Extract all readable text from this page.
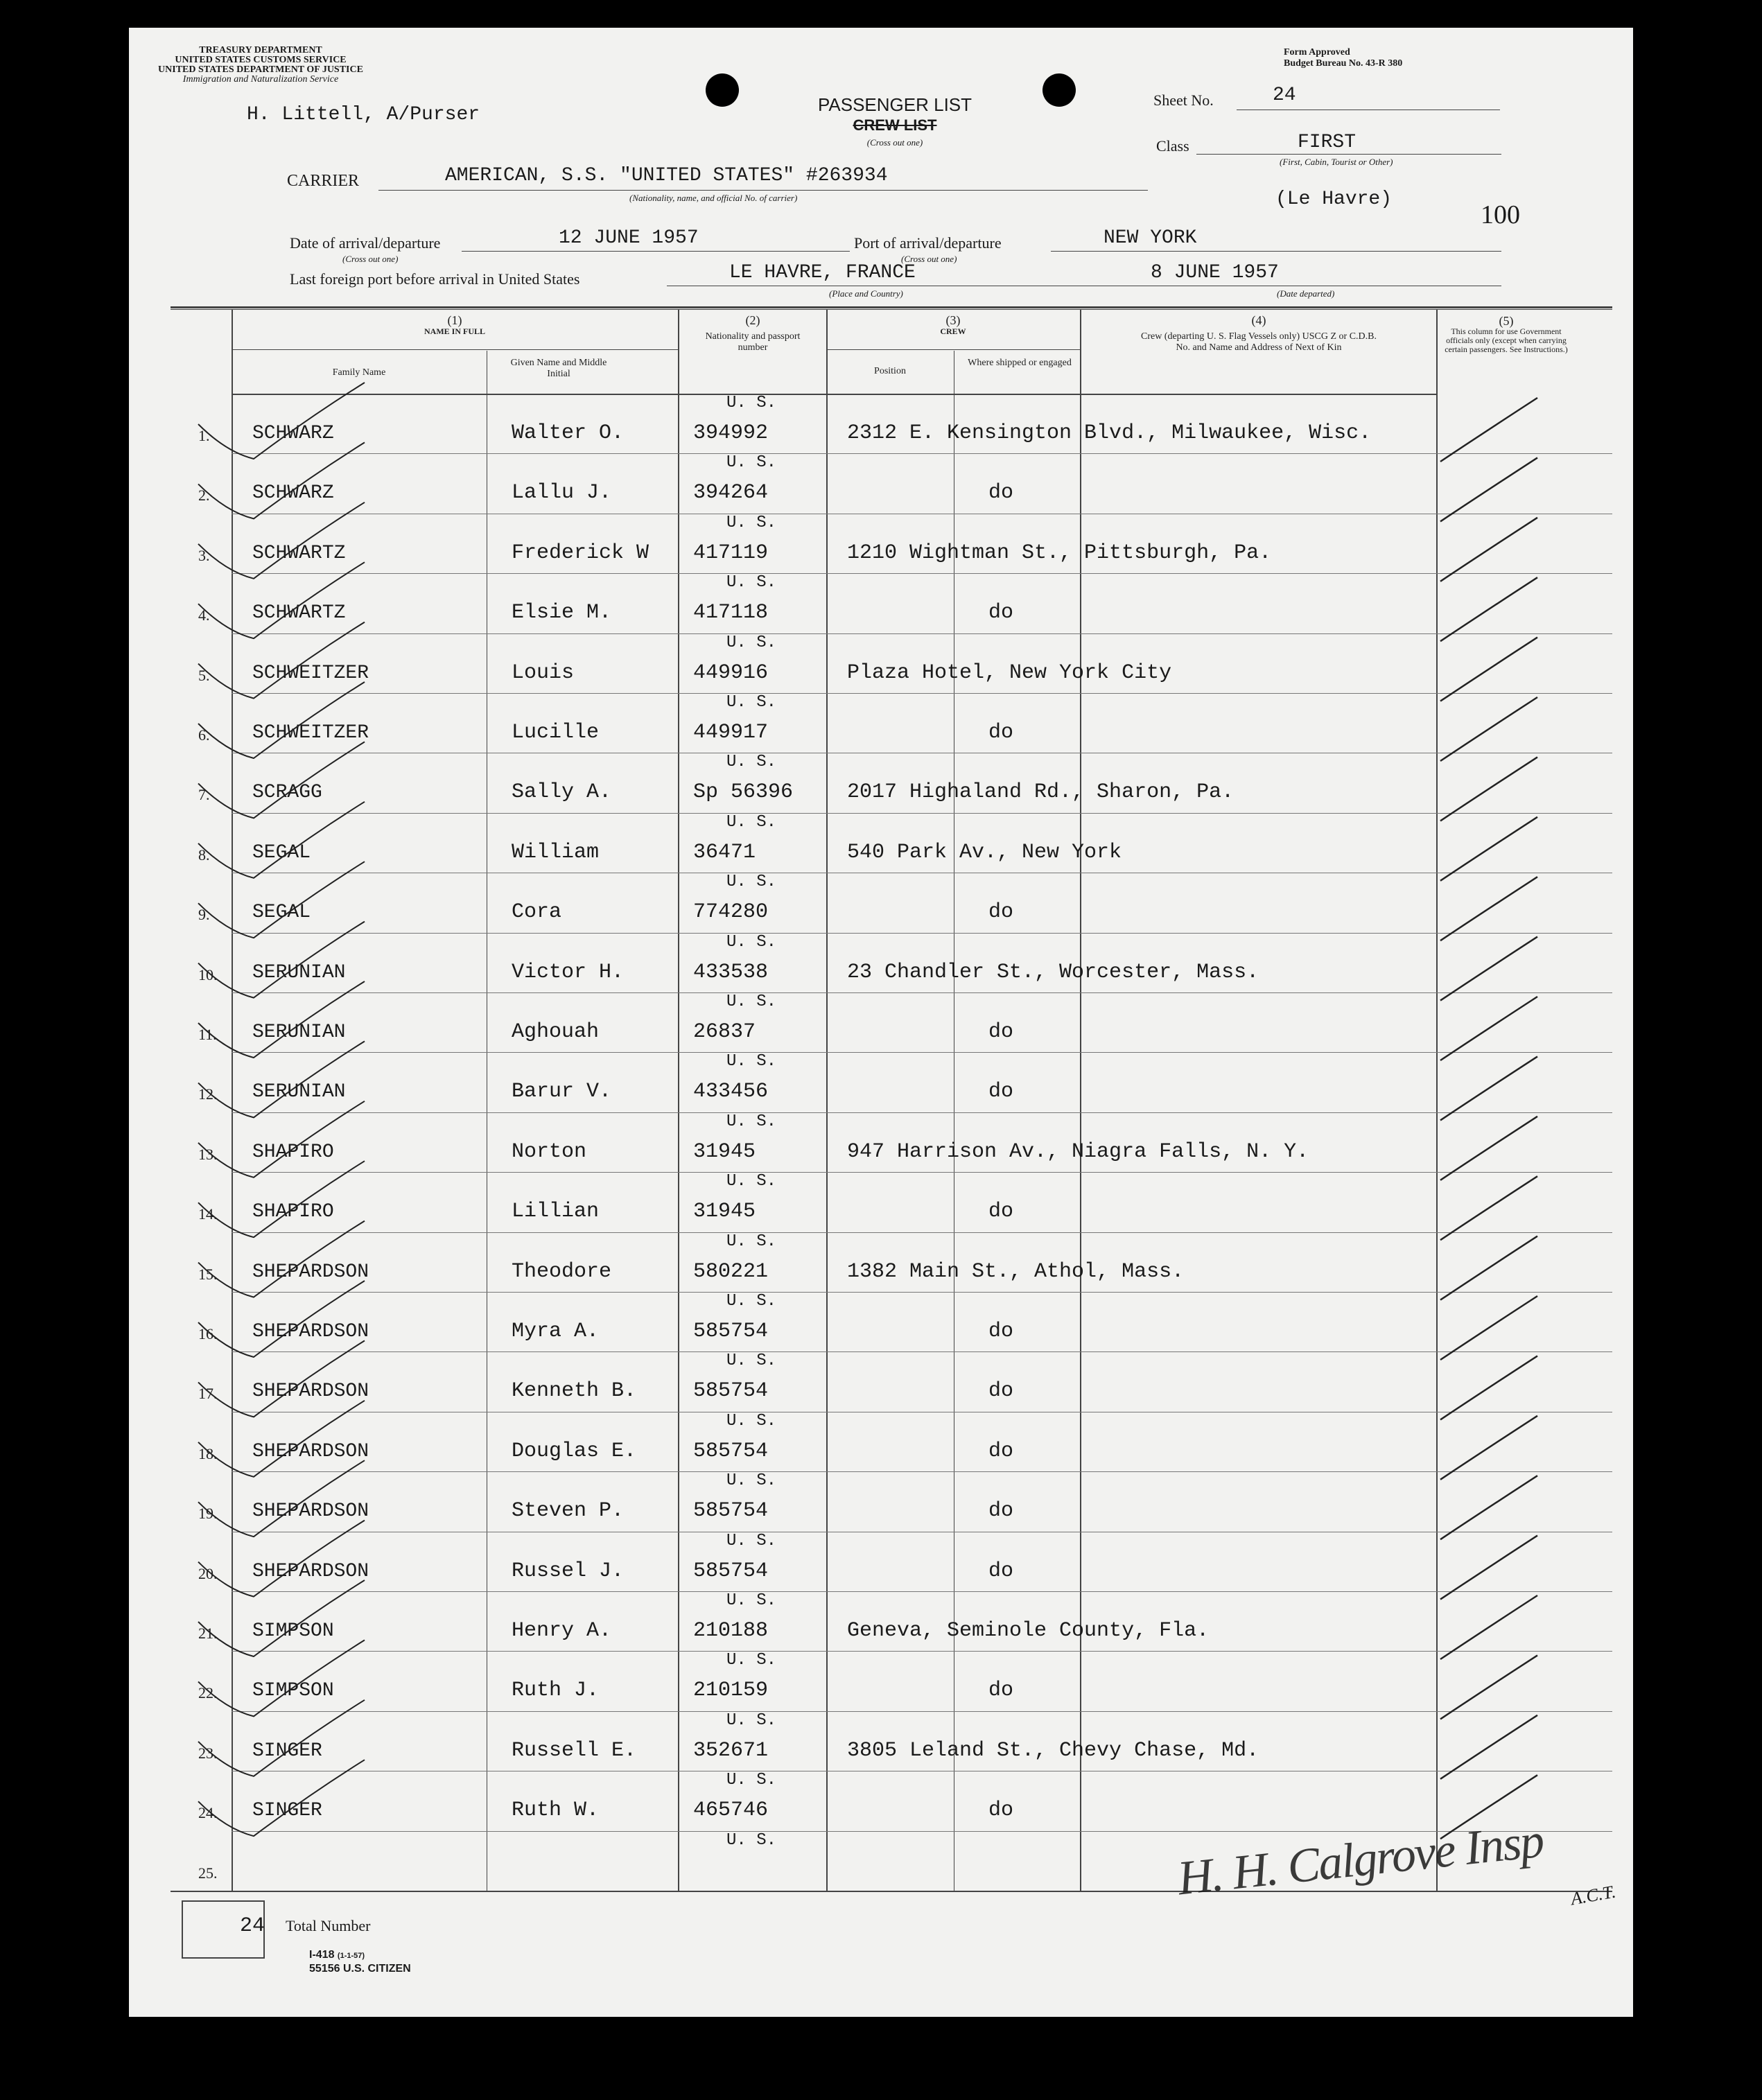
TREASURY DEPARTMENT
UNITED STATES CUSTOMS SERVICE
UNITED STATES DEPARTMENT OF JUSTICE
Immigration and Naturalization Service
H. Littell, A/Purser
Form Approved
Budget Bureau No. 43-R 380
PASSENGER LIST
CREW LIST
(Cross out one)
Sheet No.	24
Class	FIRST
(First, Cabin, Tourist or Other)
CARRIER	AMERICAN, S.S. "UNITED STATES" #263934
(Nationality, name, and official No. of carrier)	(Le Havre)
100
Date of arrival/departure	12 JUNE 1957
(Cross out one)
Port of arrival/departure	NEW YORK
(Cross out one)
Last foreign port before arrival in United States	LE HAVRE, FRANCE
(Place and Country)
8 JUNE 1957
(Date departed)
(1)
NAME IN FULL
Family Name
Given Name and Middle Initial
(2)
Nationality and passport number
(3)
CREW
Position
Where shipped or engaged
(4)
Crew (departing U. S. Flag Vessels only) USCG Z or C.D.B. No. and Name and Address of Next of Kin
(5)
This column for use Government officials only (except when carrying certain passengers. See Instructions.)
U. S.
1. SCHWARZ	Walter O.	394992	2312 E. Kensington Blvd., Milwaukee, Wisc.
U. S.
2. SCHWARZ	Lallu J.	394264	do
U. S.
3. SCHWARTZ	Frederick W 417119	1210 Wightman St., Pittsburgh, Pa.
U. S.
4. SCHWARTZ	Elsie M.	417118	do
U. S.
5. SCHWEITZER	Louis	449916	Plaza Hotel, New York City
U. S.
6. SCHWEITZER	Lucille	449917	do
U. S.
7. SCRAGG	Sally A.	Sp 56396	2017 Highaland Rd., Sharon, Pa.
U. S.
8. SEGAL	William	36471	540 Park Av., New York
U. S.
9. SEGAL	Cora	774280	do
U. S.
10. SERUNIAN	Victor H.	433538	23 Chandler St., Worcester, Mass.
U. S.
11. SERUNIAN	Aghouah	26837	do
U. S.
12. SERUNIAN	Barur V.	433456	do
U. S.
13. SHAPIRO	Norton	31945	947 Harrison Av., Niagra Falls, N. Y.
U. S.
14. SHAPIRO	Lillian	31945	do
U. S.
15. SHEPARDSON	Theodore	580221	1382 Main St., Athol, Mass.
U. S.
16. SHEPARDSON	Myra A.	585754	do
U. S.
17. SHEPARDSON	Kenneth B.	585754	do
U. S.
18. SHEPARDSON	Douglas E.	585754	do
U. S.
19. SHEPARDSON	Steven P.	585754	do
U. S.
20. SHEPARDSON	Russel J.	585754	do
U. S.
21. SIMPSON	Henry A.	210188	Geneva, Seminole County, Fla.
U. S.
22. SIMPSON	Ruth J.	210159	do
U. S.
23. SINGER	Russell E.	352671	3805 Leland St., Chevy Chase, Md.
U. S.
24. SINGER	Ruth W.	465746	do
U. S.
25.
24 Total Number
I-418 (1-1-57)
55156 U.S. CITIZEN
H. H. Calgrove Insp A.C.T.
